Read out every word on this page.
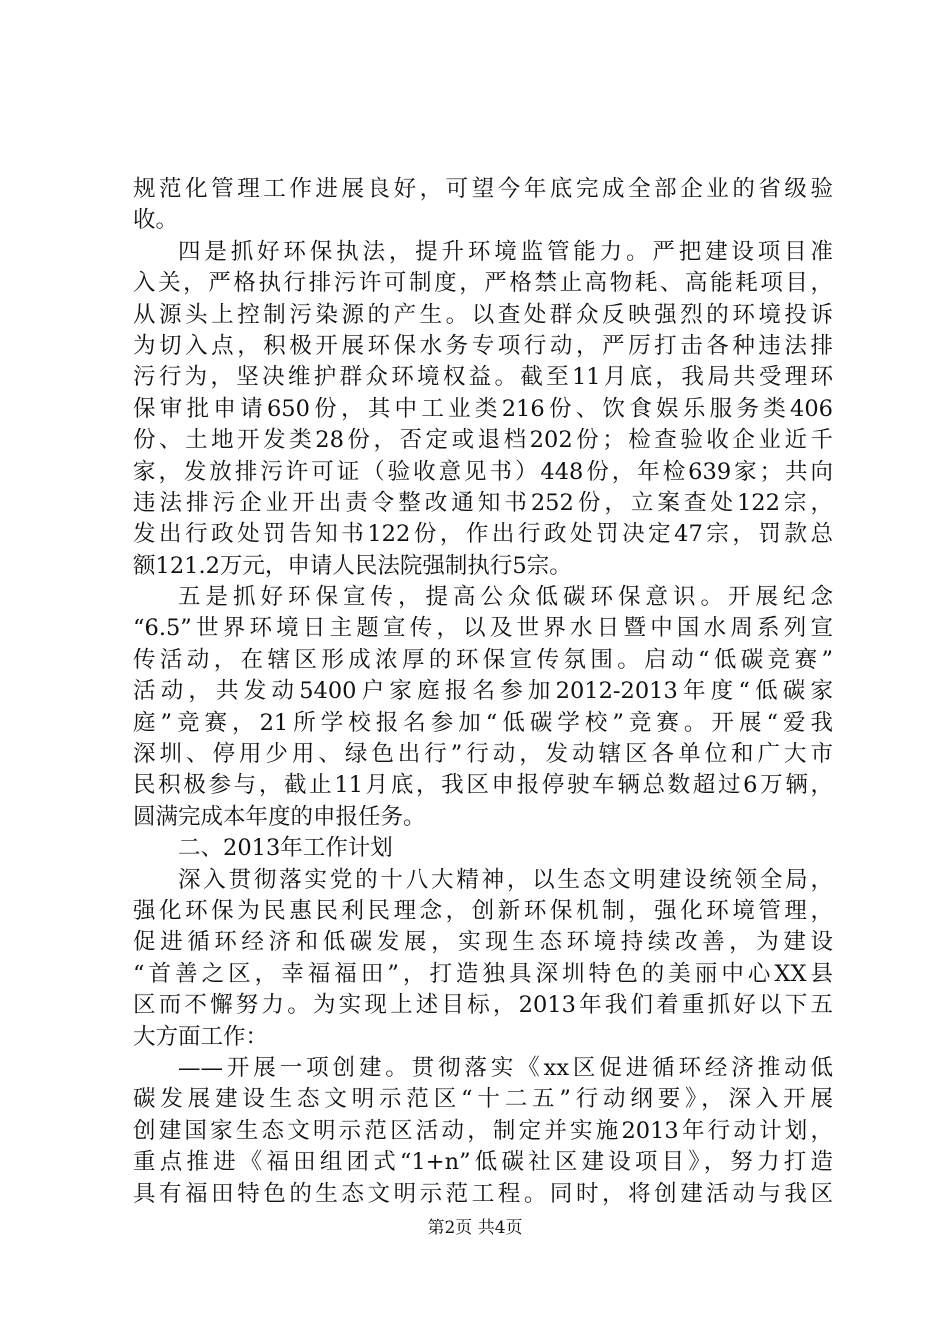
规范化管理工作进展良好，可望今年底完成全部企业的省级验
收。
四是抓好环保执法，提升环境监管能力。严把建设项目准
入关，严格执行排污许可制度，严格禁止高物耗、高能耗项目，
从源头上控制污染源的产生。以查处群众反映强烈的环境投诉
为切入点，积极开展环保水务专项行动，严厉打击各种违法排
污行为，坚决维护群众环境权益。截至11月底，我局共受理环
保审批申请650份，其中工业类216份、饮食娱乐服务类406
份、土地开发类28份，否定或退档202份；检查验收企业近千
家，发放排污许可证（验收意见书）448份，年检639家；共向
违法排污企业开出责令整改通知书252份，立案查处122宗，
发出行政处罚告知书122份，作出行政处罚决定47宗，罚款总
额121.2万元，申请人民法院强制执行5宗。
五是抓好环保宣传，提高公众低碳环保意识。开展纪念
“6.5”世界环境日主题宣传，以及世界水日暨中国水周系列宣
传活动，在辖区形成浓厚的环保宣传氛围。启动“低碳竞赛”
活动，共发动5400户家庭报名参加2012-2013年度“低碳家
庭”竞赛，21所学校报名参加“低碳学校”竞赛。开展“爱我
深圳、停用少用、绿色出行”行动，发动辖区各单位和广大市
民积极参与，截止11月底，我区申报停驶车辆总数超过6万辆，
圆满完成本年度的申报任务。
二、2013年工作计划
深入贯彻落实党的十八大精神，以生态文明建设统领全局，
强化环保为民惠民利民理念，创新环保机制，强化环境管理，
促进循环经济和低碳发展，实现生态环境持续改善，为建设
“首善之区，幸福福田”，打造独具深圳特色的美丽中心XX县
区而不懈努力。为实现上述目标，2013年我们着重抓好以下五
大方面工作：
——开展一项创建。贯彻落实《xx区促进循环经济推动低
碳发展建设生态文明示范区“十二五”行动纲要》，深入开展
创建国家生态文明示范区活动，制定并实施2013年行动计划，
重点推进《福田组团式“1+n”低碳社区建设项目》，努力打造
具有福田特色的生态文明示范工程。同时，将创建活动与我区
第2页 共4页
